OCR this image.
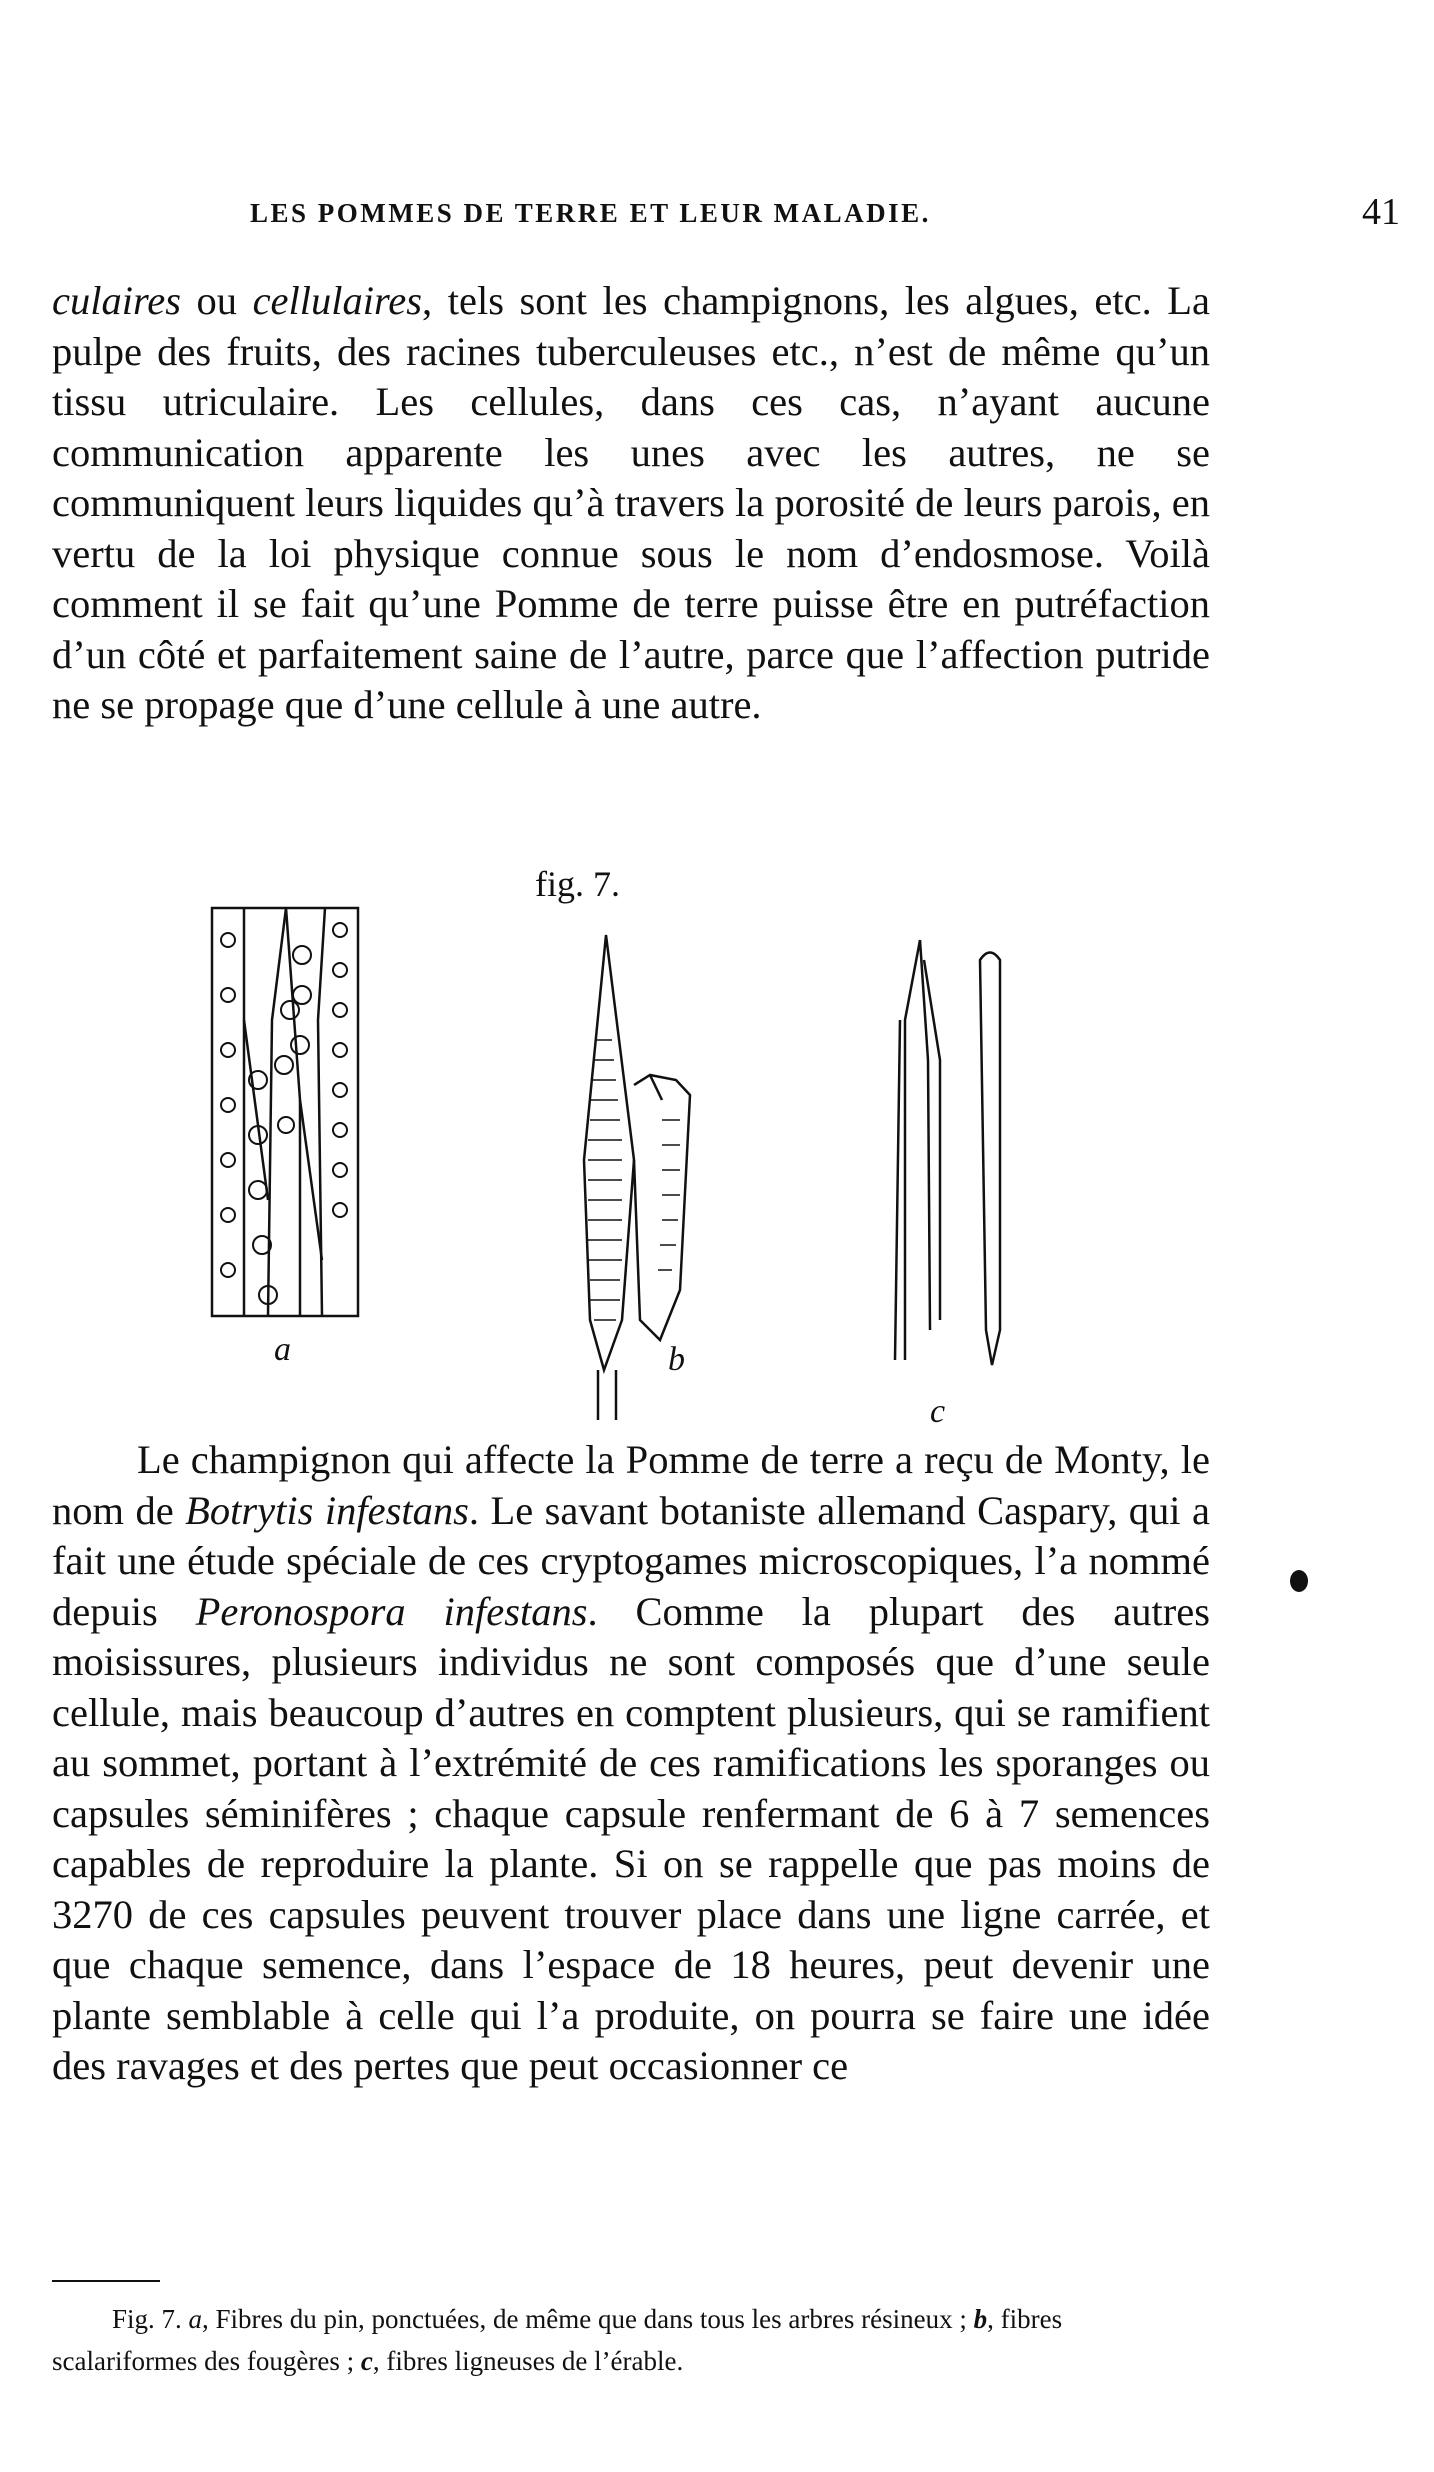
LES POMMES DE TERRE ET LEUR MALADIE.	41

culaires ou cellulaires, tels sont les champignons, les algues, etc. La pulpe des fruits, des racines tuberculeuses etc., n’est de même qu’un tissu utriculaire. Les cellules, dans ces cas, n’ayant aucune communication apparente les unes avec les autres, ne se communiquent leurs liquides qu’à travers la porosité de leurs parois, en vertu de la loi physique connue sous le nom d’endosmose. Voilà comment il se fait qu’une Pomme de terre puisse être en putréfaction d’un côté et parfaitement saine de l’autre, parce que l’affection putride ne se propage que d’une cellule à une autre.

fig. 7.
a	b
c

Le champignon qui affecte la Pomme de terre a reçu de Monty, le nom de Botrytis infestans. Le savant botaniste allemand Caspary, qui a fait une étude spéciale de ces cryptogames microscopiques, l’a nommé depuis Peronospora infestans. Comme la plupart des autres moisissures, plusieurs individus ne sont composés que d’une seule cellule, mais beaucoup d’autres en comptent plusieurs, qui se ramifient au sommet, portant à l’extrémité de ces ramifications les sporanges ou capsules séminifères ; chaque capsule renfermant de 6 à 7 semences capables de reproduire la plante. Si on se rappelle que pas moins de 3270 de ces capsules peuvent trouver place dans une ligne carrée, et que chaque semence, dans l’espace de 18 heures, peut devenir une plante semblable à celle qui l’a produite, on pourra se faire une idée des ravages et des pertes que peut occasionner ce

Fig. 7. a, Fibres du pin, ponctuées, de même que dans tous les arbres résineux ; b, fibres scalariformes des fougères ; c, fibres ligneuses de l’érable.
